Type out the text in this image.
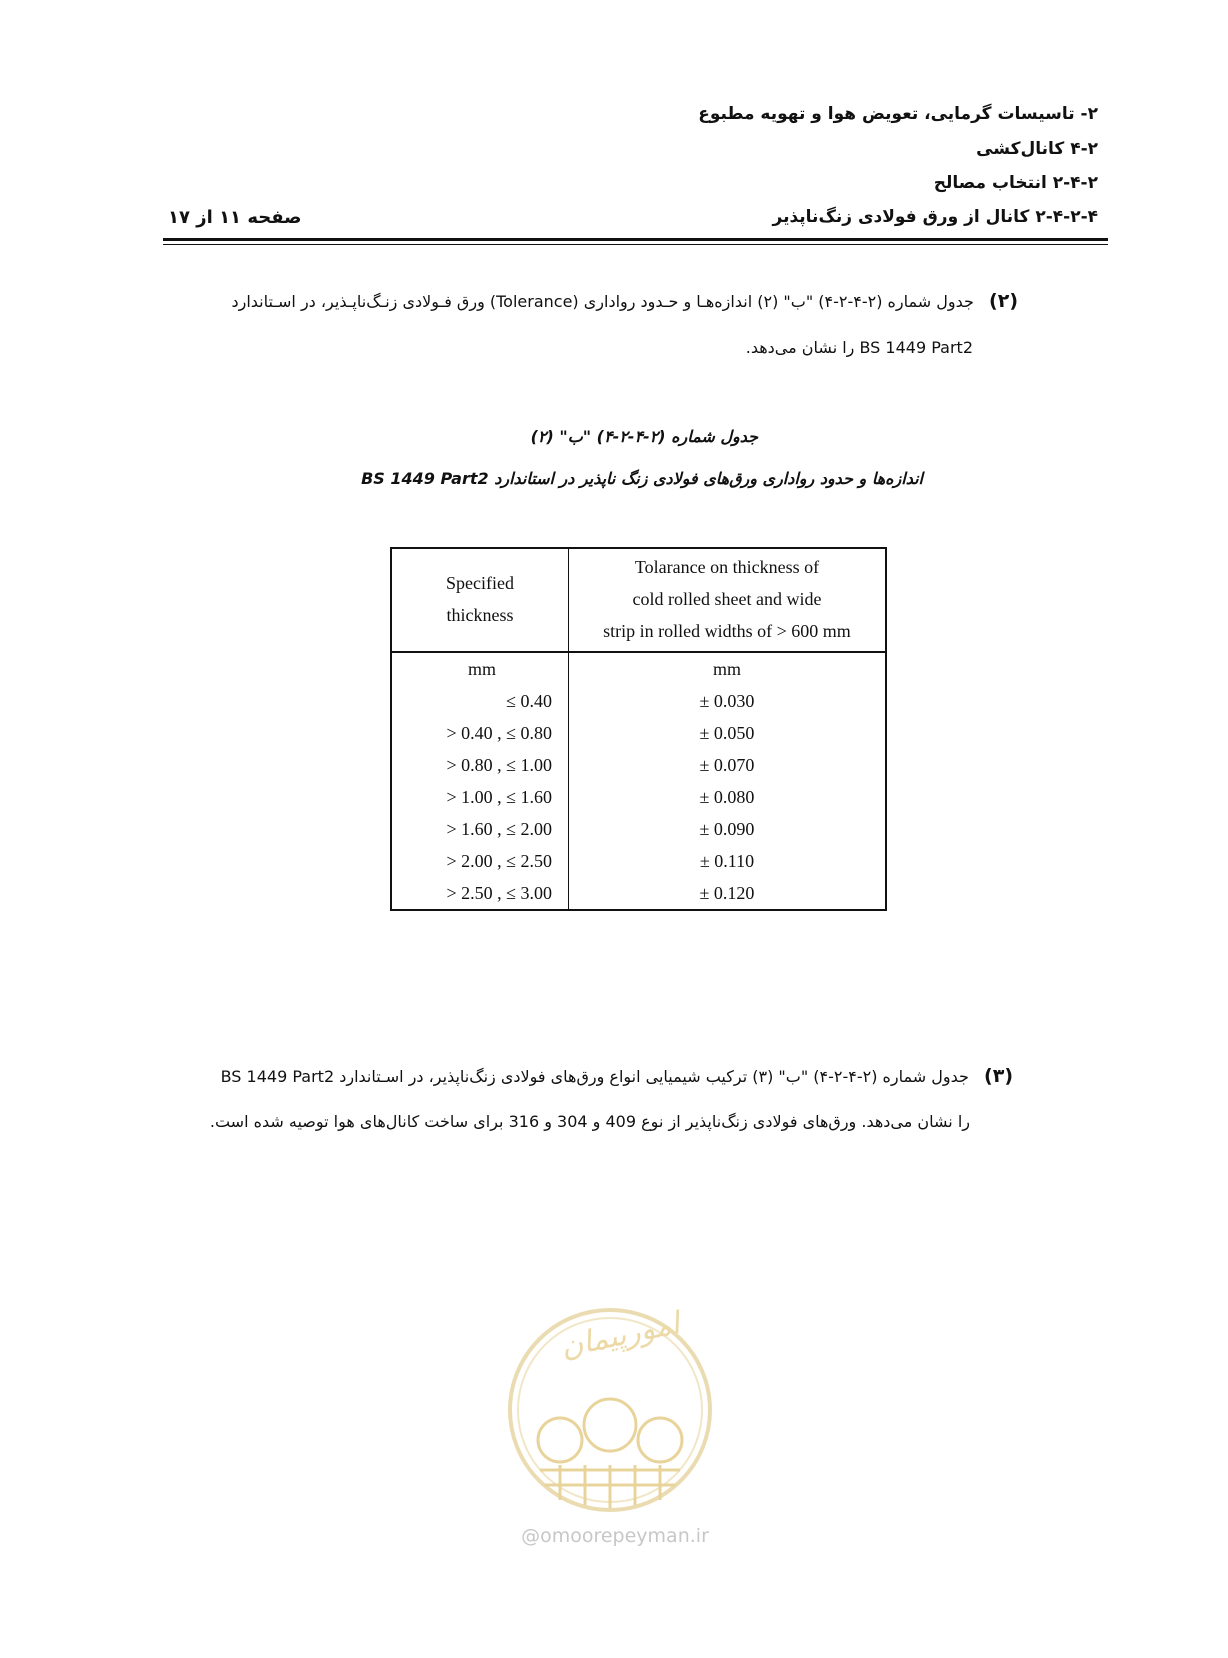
۲- تاسیسات گرمایی، تعویض هوا و تهویه مطبوع
۴-۲ کانال‌کشی
۲-۴-۲ انتخاب مصالح
۲-۴-۲-۴ کانال از ورق فولادی زنگ‌ناپذیر
صفحه ۱۱ از ۱۷
(۲) جدول شماره (۲-۴-۲-۴) "ب" (۲) اندازه‌هـا و حـدود رواداری (Tolerance) ورق فـولادی زنـگ‌ناپـذیر، در اسـتاندارد
BS 1449 Part2 را نشان می‌دهد.
جدول شماره (۲-۴-۲-۴) "ب" (۲)
اندازه‌ها و حدود رواداری ورق‌های فولادی زنگ ناپذیر در استاندارد BS 1449 Part2
Specified
thickness
Tolarance on thickness of
cold rolled sheet and wide
strip in rolled widths of > 600 mm
mm
≤ 0.40
> 0.40 , ≤ 0.80
> 0.80 , ≤ 1.00
> 1.00 , ≤ 1.60
> 1.60 , ≤ 2.00
> 2.00 , ≤ 2.50
> 2.50 , ≤ 3.00
mm
± 0.030
± 0.050
± 0.070
± 0.080
± 0.090
± 0.110
± 0.120
(۳) جدول شماره (۲-۴-۲-۴) "ب" (۳) ترکیب شیمیایی انواع ورق‌های فولادی زنگ‌ناپذیر، در اسـتاندارد BS 1449 Part2
را نشان می‌دهد. ورق‌های فولادی زنگ‌ناپذیر از نوع 409 و 304 و 316 برای ساخت کانال‌های هوا توصیه شده است.
امورپیمان
@omoorepeyman.ir
